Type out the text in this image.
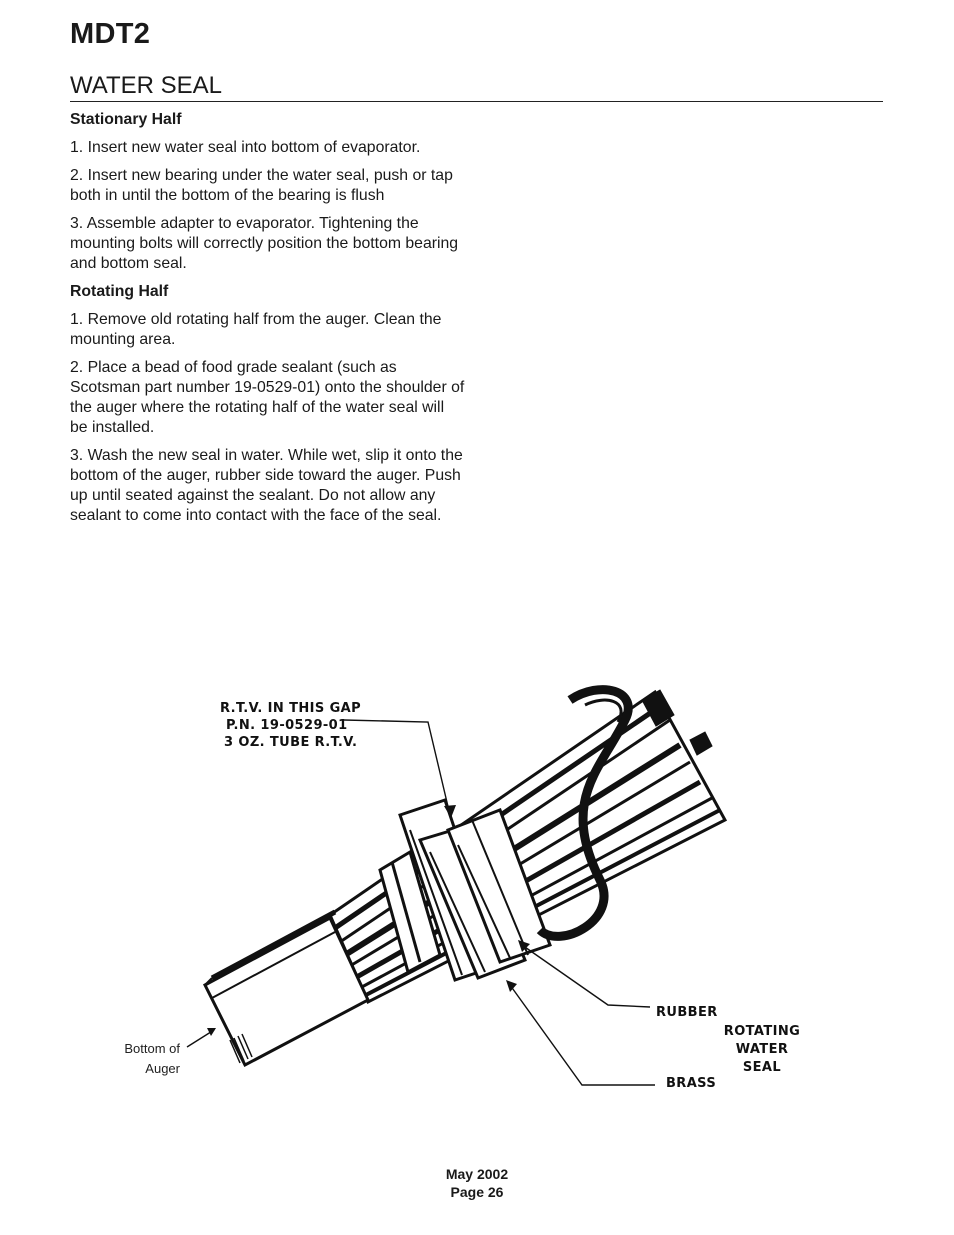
MDT2
WATER SEAL
Stationary Half

1. Insert new water seal into bottom of evaporator.

2. Insert new bearing under the water seal, push or tap both in until the bottom of the bearing is flush

3. Assemble adapter to evaporator. Tightening the mounting bolts will correctly position the bottom bearing and bottom seal.

Rotating Half

1. Remove old rotating half from the auger. Clean the mounting area.

2. Place a bead of food grade sealant (such as Scotsman part number 19-0529-01) onto the shoulder of the auger where the rotating half of the water seal will be installed.

3. Wash the new seal in water. While wet, slip it onto the bottom of the auger, rubber side toward the auger. Push up until seated against the sealant. Do not allow any sealant to come into contact with the face of the seal.

R.T.V. IN THIS GAP
P.N. 19-0529-01
3 OZ. TUBE R.T.V.
RUBBER
BRASS
ROTATING
WATER
SEAL
Bottom of
Auger
May 2002
Page 26
